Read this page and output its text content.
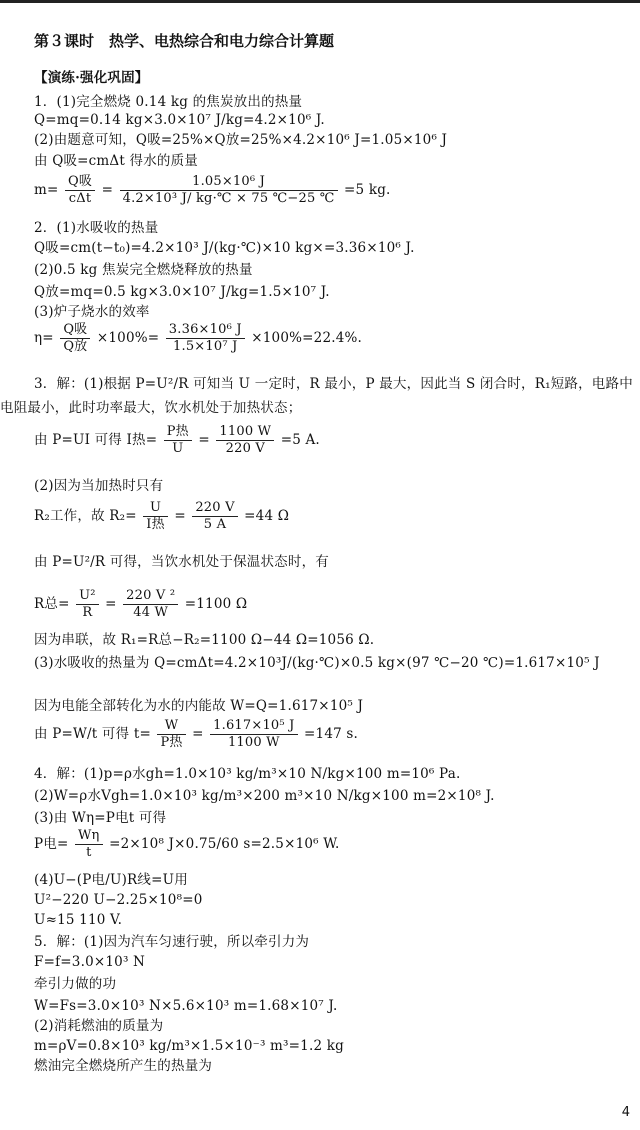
第３课时　热学、电热综合和电力综合计算题
【演练·强化巩固】
1．(1)完全燃烧 0.14 kg 的焦炭放出的热量
Q=mq=0.14 kg×3.0×10⁷ J/kg=4.2×10⁶ J.
(2)由题意可知，Q吸=25%×Q放=25%×4.2×10⁶ J=1.05×10⁶ J
由 Q吸=cmΔt 得水的质量
m=
Q吸
cΔt
= $\frac{\text{1.05×10⁶ J}}{\text{4.2×10³ J/ kg·℃ × 75 ℃−25 ℃}} =5$ kg.
2．(1)水吸收的热量
Q吸=cm(t−t₀)=4.2×10³ J/(kg·℃)×10 kg×=3.36×10⁶ J.
(2)0.5 kg 焦炭完全燃烧释放的热量
Q放=mq=0.5 kg×3.0×10⁷ J/kg=1.5×10⁷ J.
(3)炉子烧水的效率
η=
Q吸
Q放
$\times 100\%= \frac{\text{3.36×10⁶ J}}{\text{1.5×10⁷ J}} \times 100\%=22.4\%$.
3．解：(1)根据 P=U²/R 可知当 U 一定时，R 最小，P 最大，因此当 S 闭合时，R₁短路，电路中电阻最小，此时功率最大，饮水机处于加热状态；
由 P=UI 可得 I热=
P热
U
= $\frac{1100 W}{220 V} =5$ A.
(2)因为当加热时只有
R₂工作，故 R₂=
U
I热
= $\frac{220 V}{5 A} =44$ Ω
由 P=U²/R 可得，当饮水机处于保温状态时，有
R总= $\frac{\text{U²}}{R} = \frac{\text{220 V ²}}{44 W} =1100$ Ω
因为串联，故 R₁=R总−R₂=1100 Ω−44 Ω=1056 Ω.
(3)水吸收的热量为 Q=cmΔt=4.2×10³J/(kg·℃)×0.5 kg×(97 ℃−20 ℃)=1.617×10⁵ J
因为电能全部转化为水的内能故 W=Q=1.617×10⁵ J
由 P=W/t 可得 t=
W
P热
= $\frac{\text{1.617×10⁵ J}}{1100 W} =147$ s.
4．解：(1)p=ρ水gh=1.0×10³ kg/m³×10 N/kg×100 m=10⁶ Pa.
(2)W=ρ水Vgh=1.0×10³ kg/m³×200 m³×10 N/kg×100 m=2×10⁸ J.
(3)由 Wη=P电t 可得
P电= $\frac{W\eta}{t} =2\times 10^8$ J×0.75/60 s=2.5×10⁶ W.
(4)U−(P电/U)R线=U用
U²−220 U−2.25×10⁸=0
U≈15 110 V.
5．解：(1)因为汽车匀速行驶，所以牵引力为
F=f=3.0×10³ N
牵引力做的功
W=Fs=3.0×10³ N×5.6×10³ m=1.68×10⁷ J.
(2)消耗燃油的质量为
m=ρV=0.8×10³ kg/m³×1.5×10⁻³ m³=1.2 kg
燃油完全燃烧所产生的热量为
4
